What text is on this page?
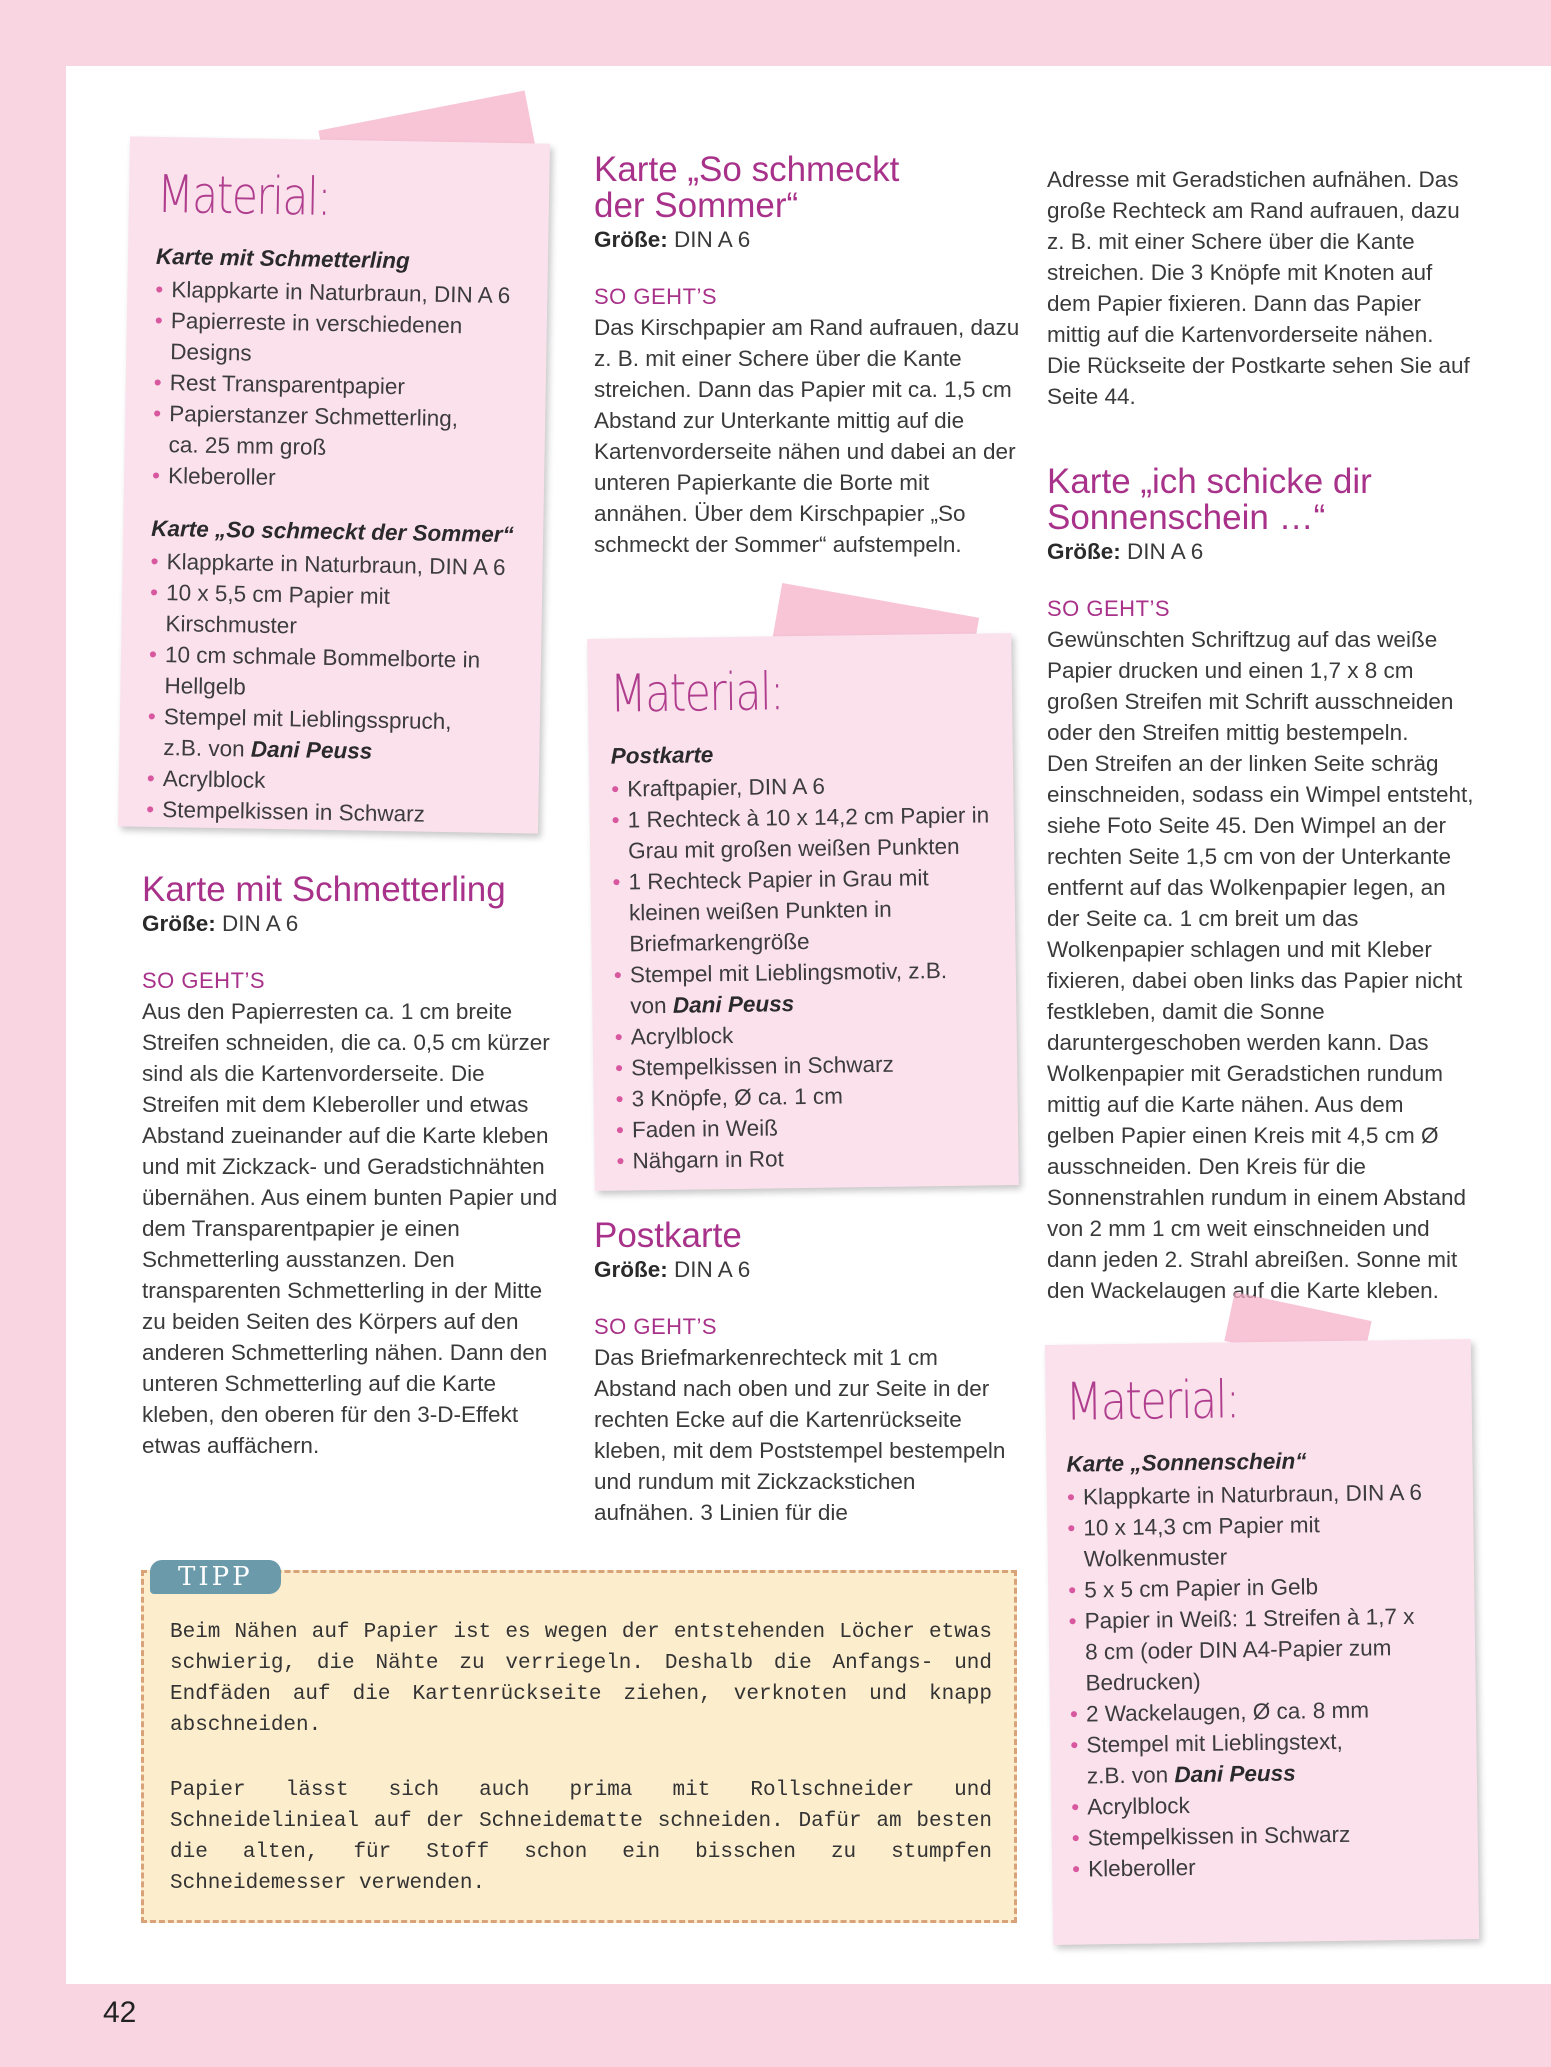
Material:
Karte mit Schmetterling
• Klappkarte in Naturbraun, DIN A 6
• Papierreste in verschiedenen Designs
• Rest Transparentpapier
• Papierstanzer Schmetterling, ca. 25 mm groß
• Kleberoller
Karte „So schmeckt der Sommer“
• Klappkarte in Naturbraun, DIN A 6
• 10 x 5,5 cm Papier mit Kirschmuster
• 10 cm schmale Bommelborte in Hellgelb
• Stempel mit Lieblingsspruch, z.B. von Dani Peuss
• Acrylblock
• Stempelkissen in Schwarz
Karte mit Schmetterling

Größe: DIN A 6

SO GEHT’S

Aus den Papierresten ca. 1 cm breite Streifen schneiden, die ca. 0,5 cm kürzer sind als die Kartenvorderseite. Die Streifen mit dem Kleberoller und etwas Abstand zueinander auf die Karte kleben und mit Zickzack- und Geradstichnähten übernähen. Aus einem bunten Papier und dem Transparentpapier je einen Schmetterling ausstanzen. Den transparenten Schmetterling in der Mitte zu beiden Seiten des Körpers auf den anderen Schmetterling nähen. Dann den unteren Schmetterling auf die Karte kleben, den oberen für den 3-D-Effekt etwas auffächern.

Karte „So schmeckt der Sommer“

Größe: DIN A 6

SO GEHT’S

Das Kirschpapier am Rand aufrauen, dazu z. B. mit einer Schere über die Kante streichen. Dann das Papier mit ca. 1,5 cm Abstand zur Unterkante mittig auf die Kartenvorderseite nähen und dabei an der unteren Papierkante die Borte mit annähen. Über dem Kirschpapier „So schmeckt der Sommer“ aufstempeln.

Material:
Postkarte
• Kraftpapier, DIN A 6
• 1 Rechteck à 10 x 14,2 cm Papier in Grau mit großen weißen Punkten
• 1 Rechteck Papier in Grau mit kleinen weißen Punkten in Briefmarkengröße
• Stempel mit Lieblingsmotiv, z.B. von Dani Peuss
• Acrylblock
• Stempelkissen in Schwarz
• 3 Knöpfe, Ø ca. 1 cm
• Faden in Weiß
• Nähgarn in Rot
Postkarte

Größe: DIN A 6

SO GEHT’S

Das Briefmarkenrechteck mit 1 cm Abstand nach oben und zur Seite in der rechten Ecke auf die Kartenrückseite kleben, mit dem Poststempel bestempeln und rundum mit Zickzackstichen aufnähen. 3 Linien für die

Adresse mit Geradstichen aufnähen. Das große Rechteck am Rand aufrauen, dazu z. B. mit einer Schere über die Kante streichen. Die 3 Knöpfe mit Knoten auf dem Papier fixieren. Dann das Papier mittig auf die Kartenvorderseite nähen.

Die Rückseite der Postkarte sehen Sie auf Seite 44.

Karte „ich schicke dir Sonnenschein …“

Größe: DIN A 6

SO GEHT’S

Gewünschten Schriftzug auf das weiße Papier drucken und einen 1,7 x 8 cm großen Streifen mit Schrift ausschneiden oder den Streifen mittig bestempeln.

Den Streifen an der linken Seite schräg einschneiden, sodass ein Wimpel entsteht, siehe Foto Seite 45. Den Wimpel an der rechten Seite 1,5 cm von der Unterkante entfernt auf das Wolkenpapier legen, an der Seite ca. 1 cm breit um das Wolkenpapier schlagen und mit Kleber fixieren, dabei oben links das Papier nicht festkleben, damit die Sonne daruntergeschoben werden kann. Das Wolkenpapier mit Geradstichen rundum mittig auf die Karte nähen. Aus dem gelben Papier einen Kreis mit 4,5 cm Ø ausschneiden. Den Kreis für die Sonnenstrahlen rundum in einem Abstand von 2 mm 1 cm weit einschneiden und dann jeden 2. Strahl abreißen. Sonne mit den Wackelaugen auf die Karte kleben.

Material:
Karte „Sonnenschein“
• Klappkarte in Naturbraun, DIN A 6
• 10 x 14,3 cm Papier mit Wolkenmuster
• 5 x 5 cm Papier in Gelb
• Papier in Weiß: 1 Streifen à 1,7 x 8 cm (oder DIN A4-Papier zum Bedrucken)
• 2 Wackelaugen, Ø ca. 8 mm
• Stempel mit Lieblingstext, z.B. von Dani Peuss
• Acrylblock
• Stempelkissen in Schwarz
• Kleberoller
TIPP

Beim Nähen auf Papier ist es wegen der entstehenden Löcher etwas schwierig, die Nähte zu verriegeln. Deshalb die Anfangs- und Endfäden auf die Kartenrückseite ziehen, verknoten und knapp abschneiden.

Papier lässt sich auch prima mit Rollschneider und Schneidelinieal auf der Schneidematte schneiden. Dafür am besten die alten, für Stoff schon ein bisschen zu stumpfen Schneidemesser verwenden.

42
